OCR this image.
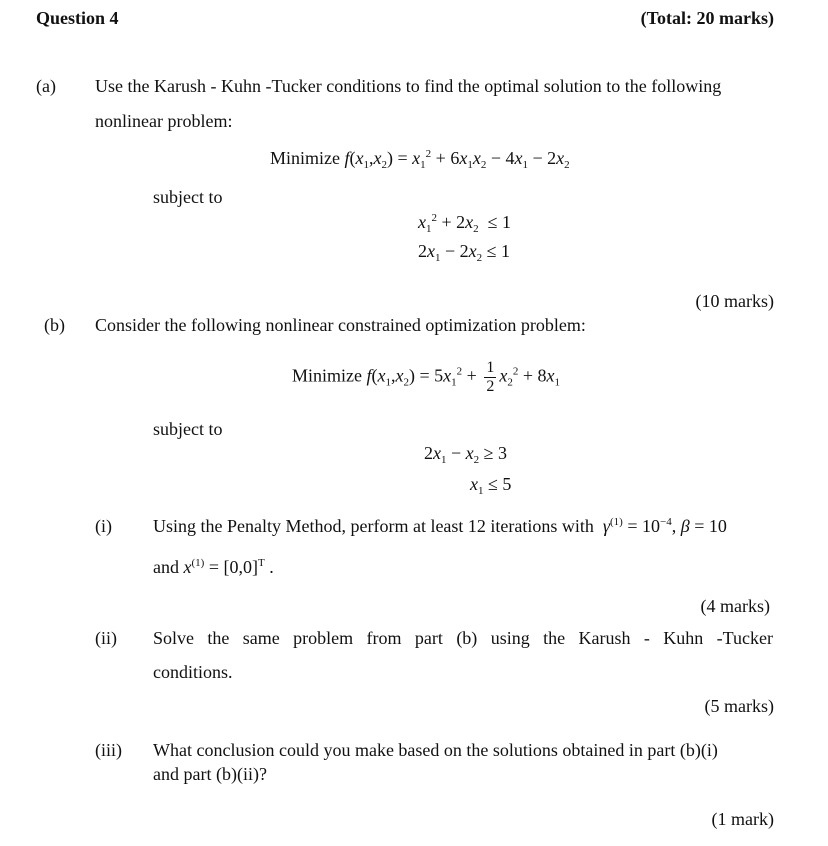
Question 4	(Total: 20 marks)
(a) Use the Karush - Kuhn -Tucker conditions to find the optimal solution to the following
nonlinear problem:
Minimize $f(x_1,x_2) = x_1^2 + 6x_1x_2 - 4x_1 - 2x_2$
subject to
$x_1^2 + 2x_2 \le 1$
$2x_1 - 2x_2 \le 1$
(10 marks)
(b) Consider the following nonlinear constrained optimization problem:
Minimize $f(x_1,x_2) = 5x_1^2 + \frac{1}{2} x_2^2 + 8x_1$
subject to
$2x_1 - x_2 \ge 3$
$x_1 \le 5$
(i) Using the Penalty Method, perform at least 12 iterations with $\gamma^{(1)} = 10^{-4}$, β = 10
and $x^{(1)} = [0,0]^T$ .
(4 marks)
(ii) Solve the same problem from part (b) using the Karush - Kuhn -Tucker
conditions.
(5 marks)
(iii) What conclusion could you make based on the solutions obtained in part (b)(i)
and part (b)(ii)?
(1 mark)
